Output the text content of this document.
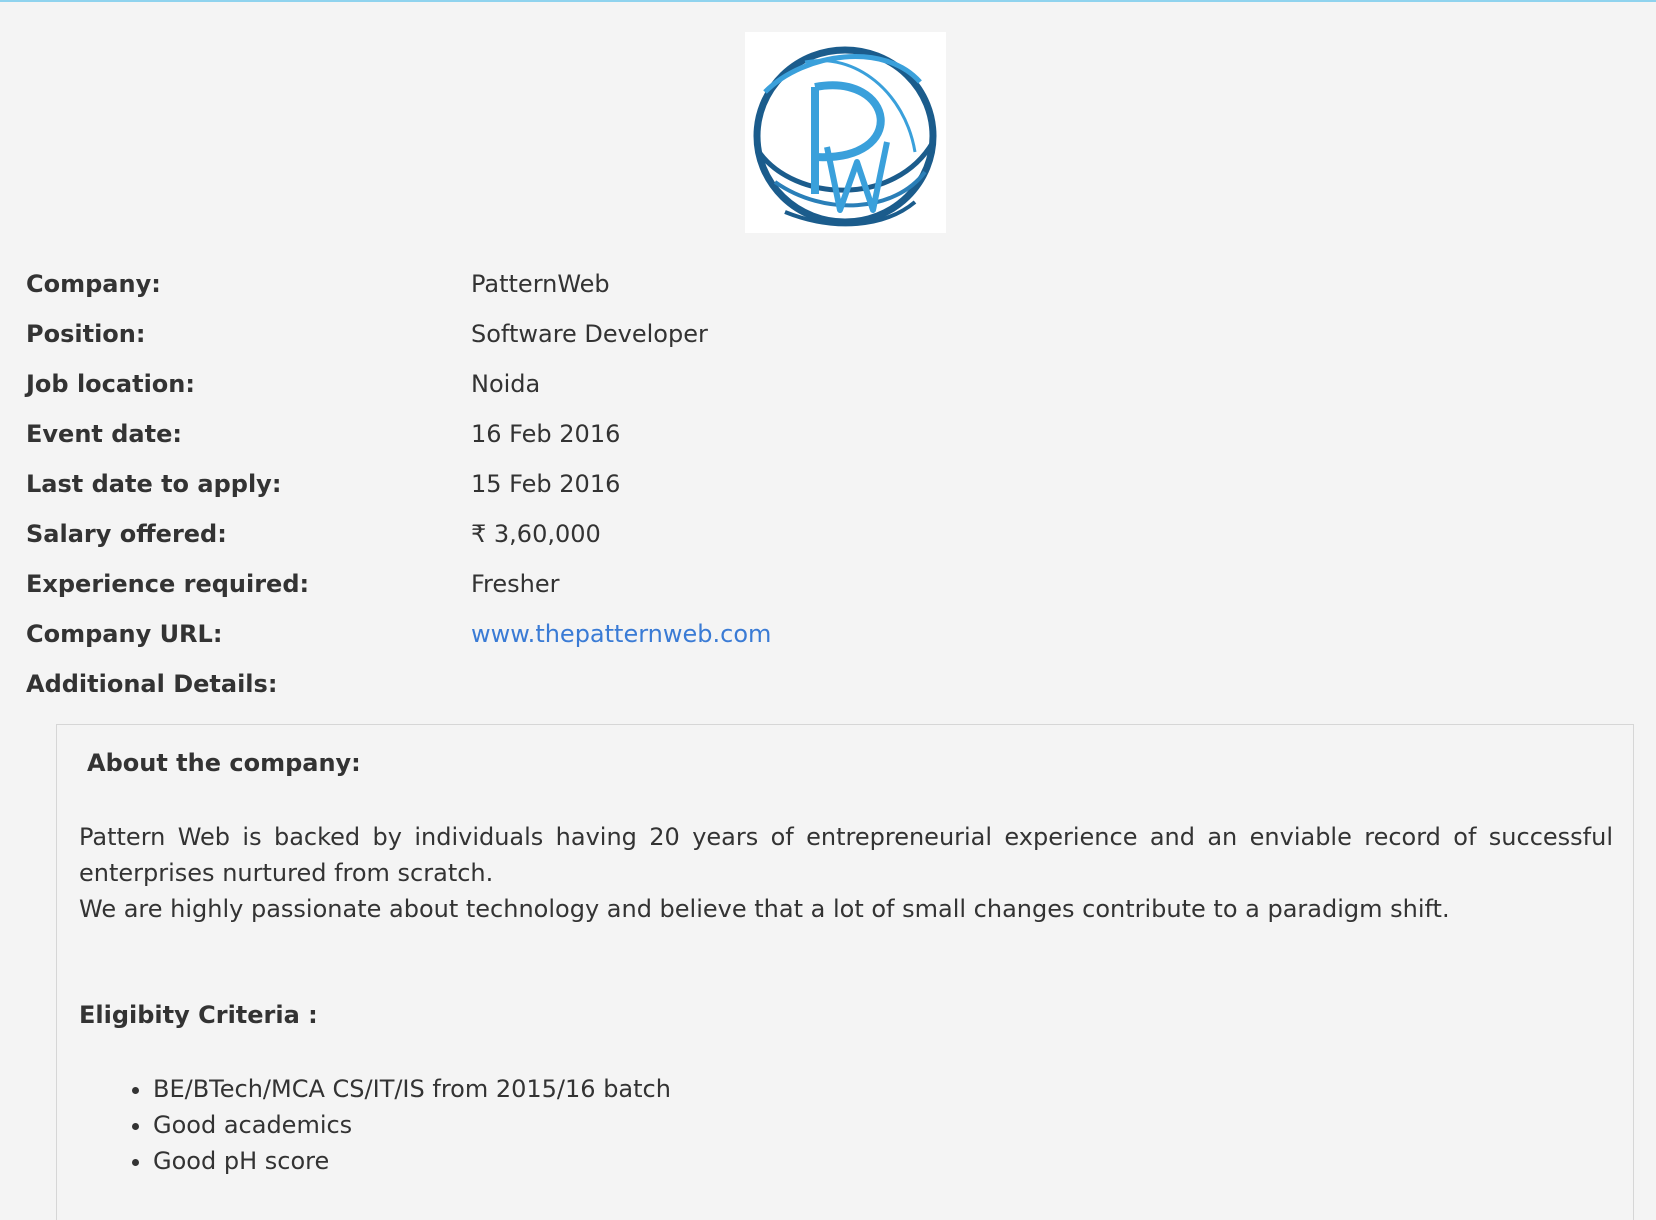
Company:	PatternWeb
Position:	Software Developer
Job location:	Noida
Event date:	16 Feb 2016
Last date to apply:	15 Feb 2016
Salary offered:	₹ 3,60,000
Experience required:	Fresher
Company URL:	www.thepatternweb.com
Additional Details:
About the company:

Pattern Web is backed by individuals having 20 years of entrepreneurial experience and an enviable record of successful enterprises nurtured from scratch.

We are highly passionate about technology and believe that a lot of small changes contribute to a paradigm shift.

Eligibity Criteria :
• BE/BTech/MCA CS/IT/IS from 2015/16 batch
• Good academics
• Good pH score
